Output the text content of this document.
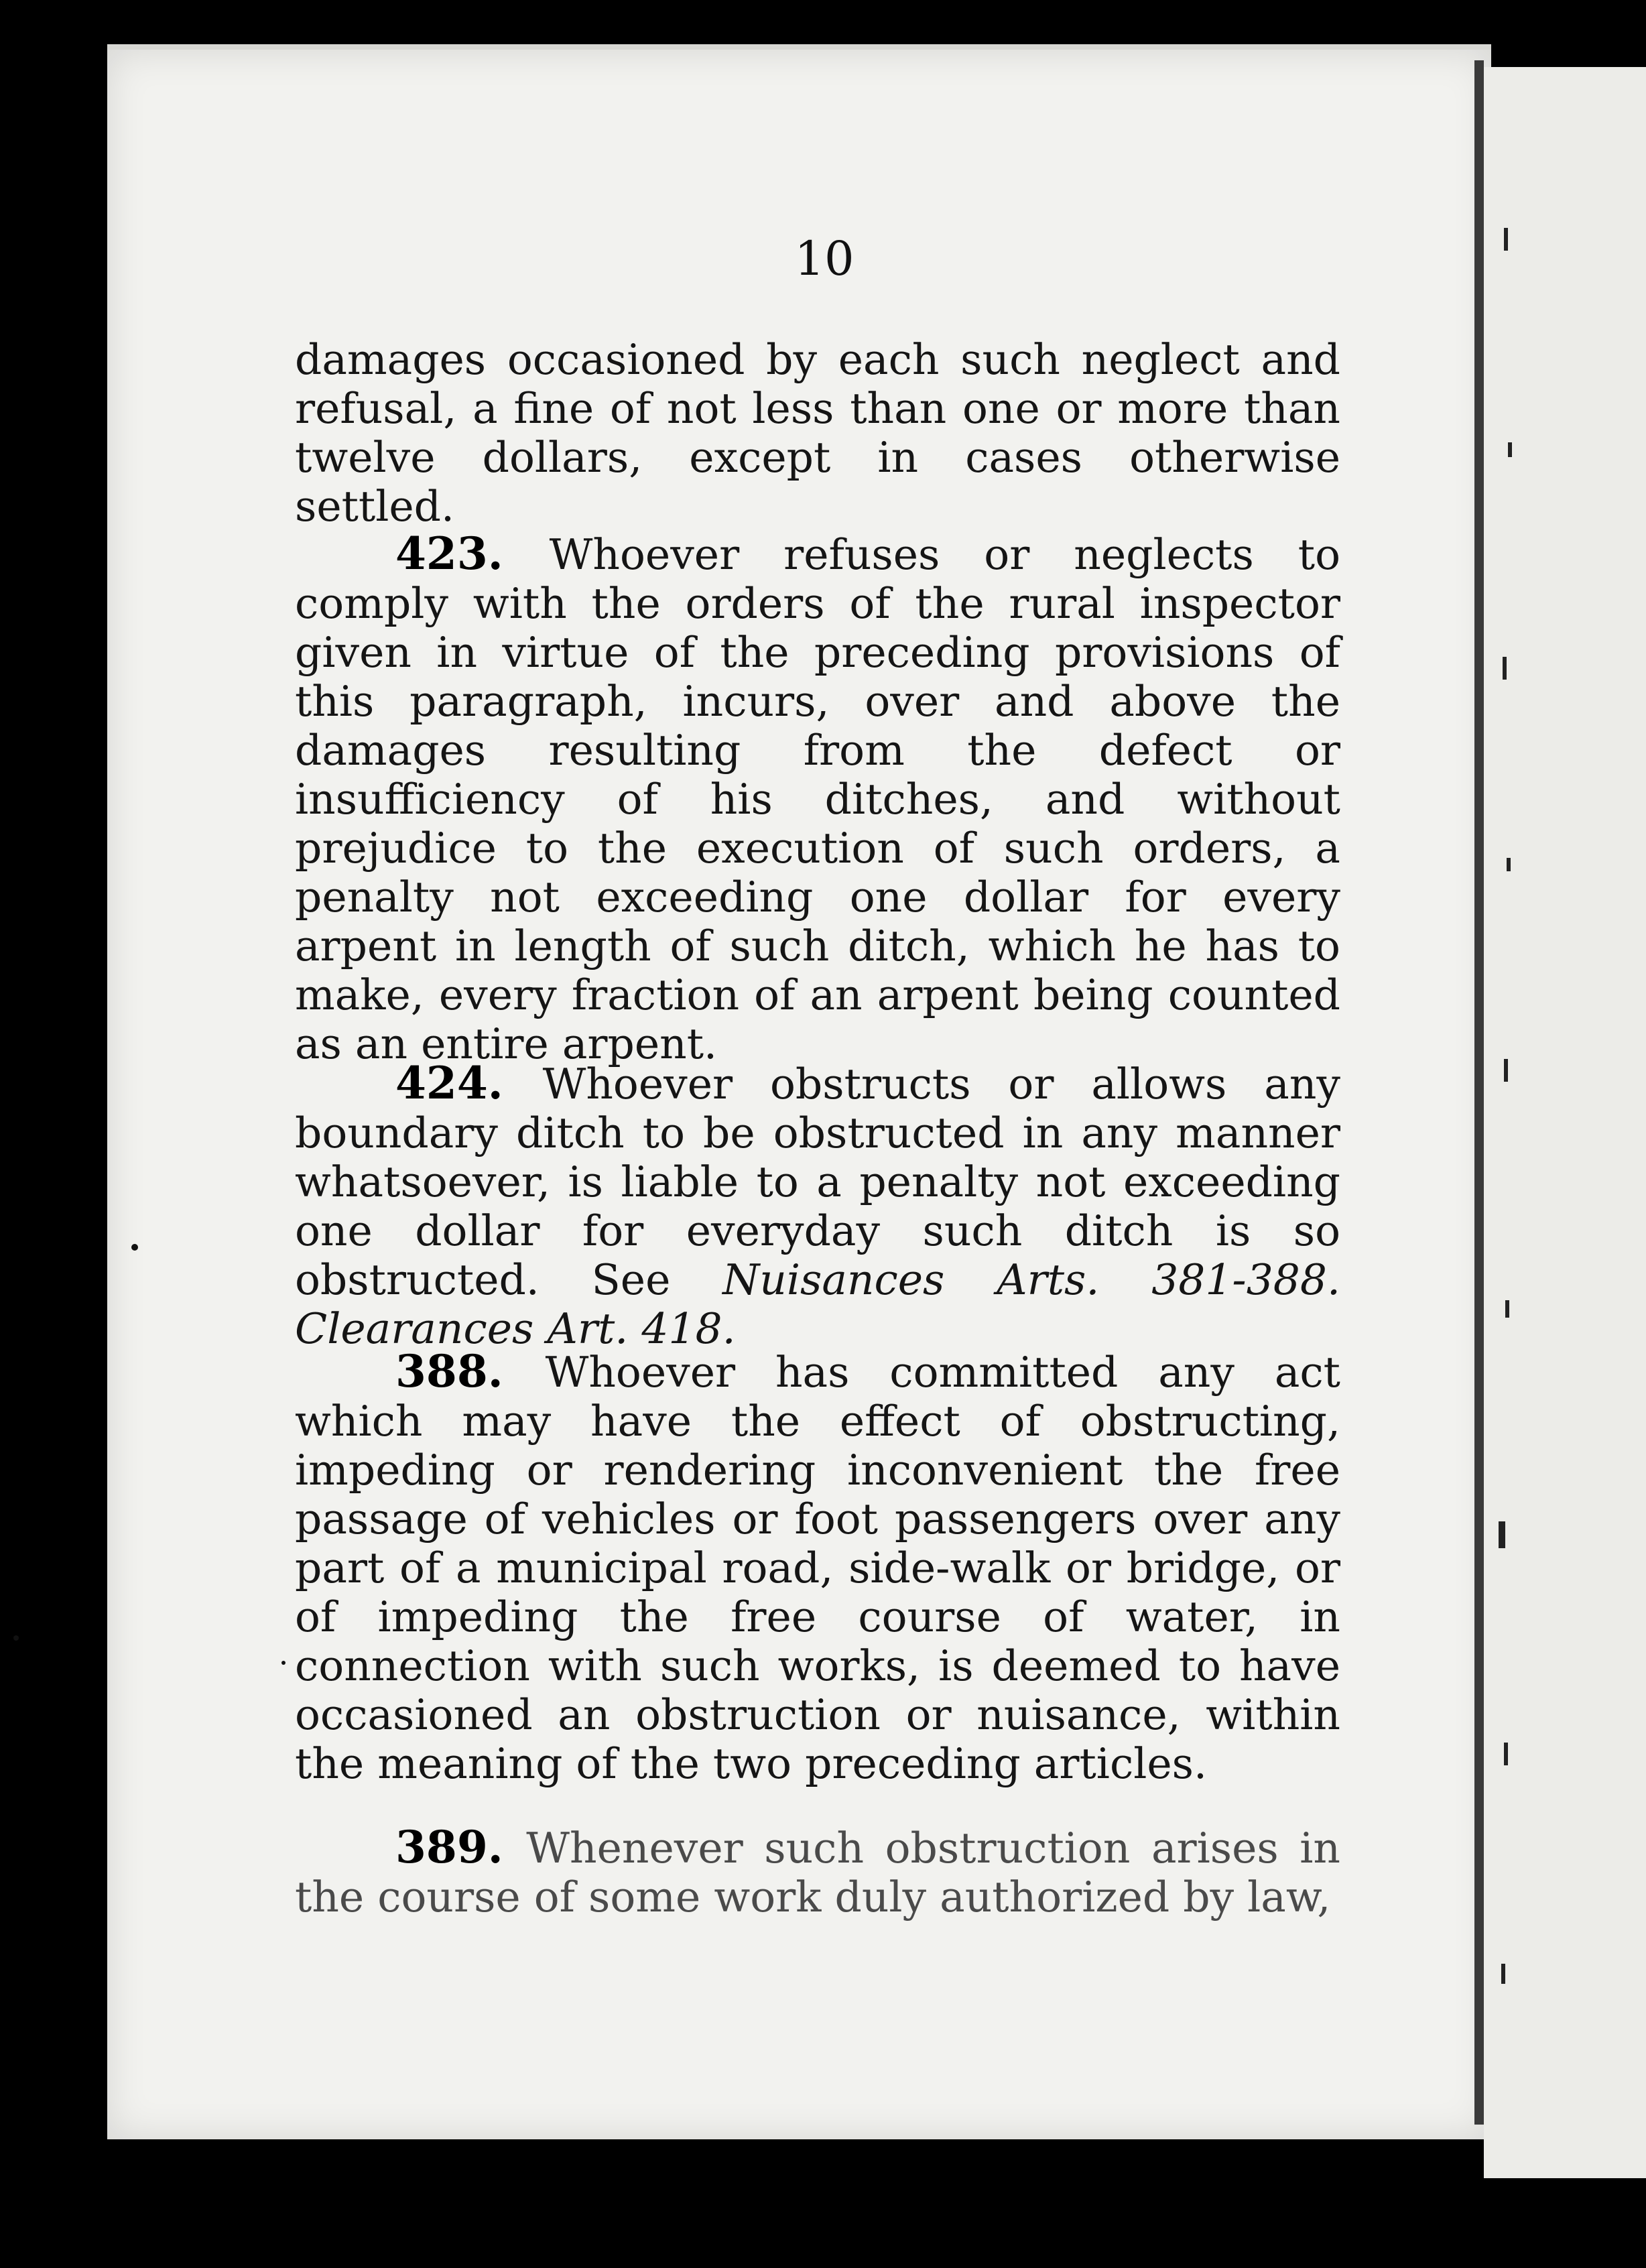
10

damages occasioned by each such neglect and refusal, a fine of not less than one or more than twelve dollars, except in cases otherwise settled.

423. Whoever refuses or neglects to comply with the orders of the rural inspector given in virtue of the preceding provisions of this paragraph, incurs, over and above the damages resulting from the defect or insufficiency of his ditches, and without prejudice to the execution of such orders, a penalty not exceeding one dollar for every arpent in length of such ditch, which he has to make, every fraction of an arpent being counted as an entire arpent.

424. Whoever obstructs or allows any boundary ditch to be obstructed in any manner whatsoever, is liable to a penalty not exceeding one dollar for everyday such ditch is so obstructed. See Nuisances Arts. 381-388. Clearances Art. 418.

388. Whoever has committed any act which may have the effect of obstructing, impeding or rendering inconvenient the free passage of vehicles or foot passengers over any part of a municipal road, side-walk or bridge, or of impeding the free course of water, in connection with such works, is deemed to have occasioned an obstruction or nuisance, within the meaning of the two preceding articles.

389. Whenever such obstruction arises in the course of some work duly authorized by law,
